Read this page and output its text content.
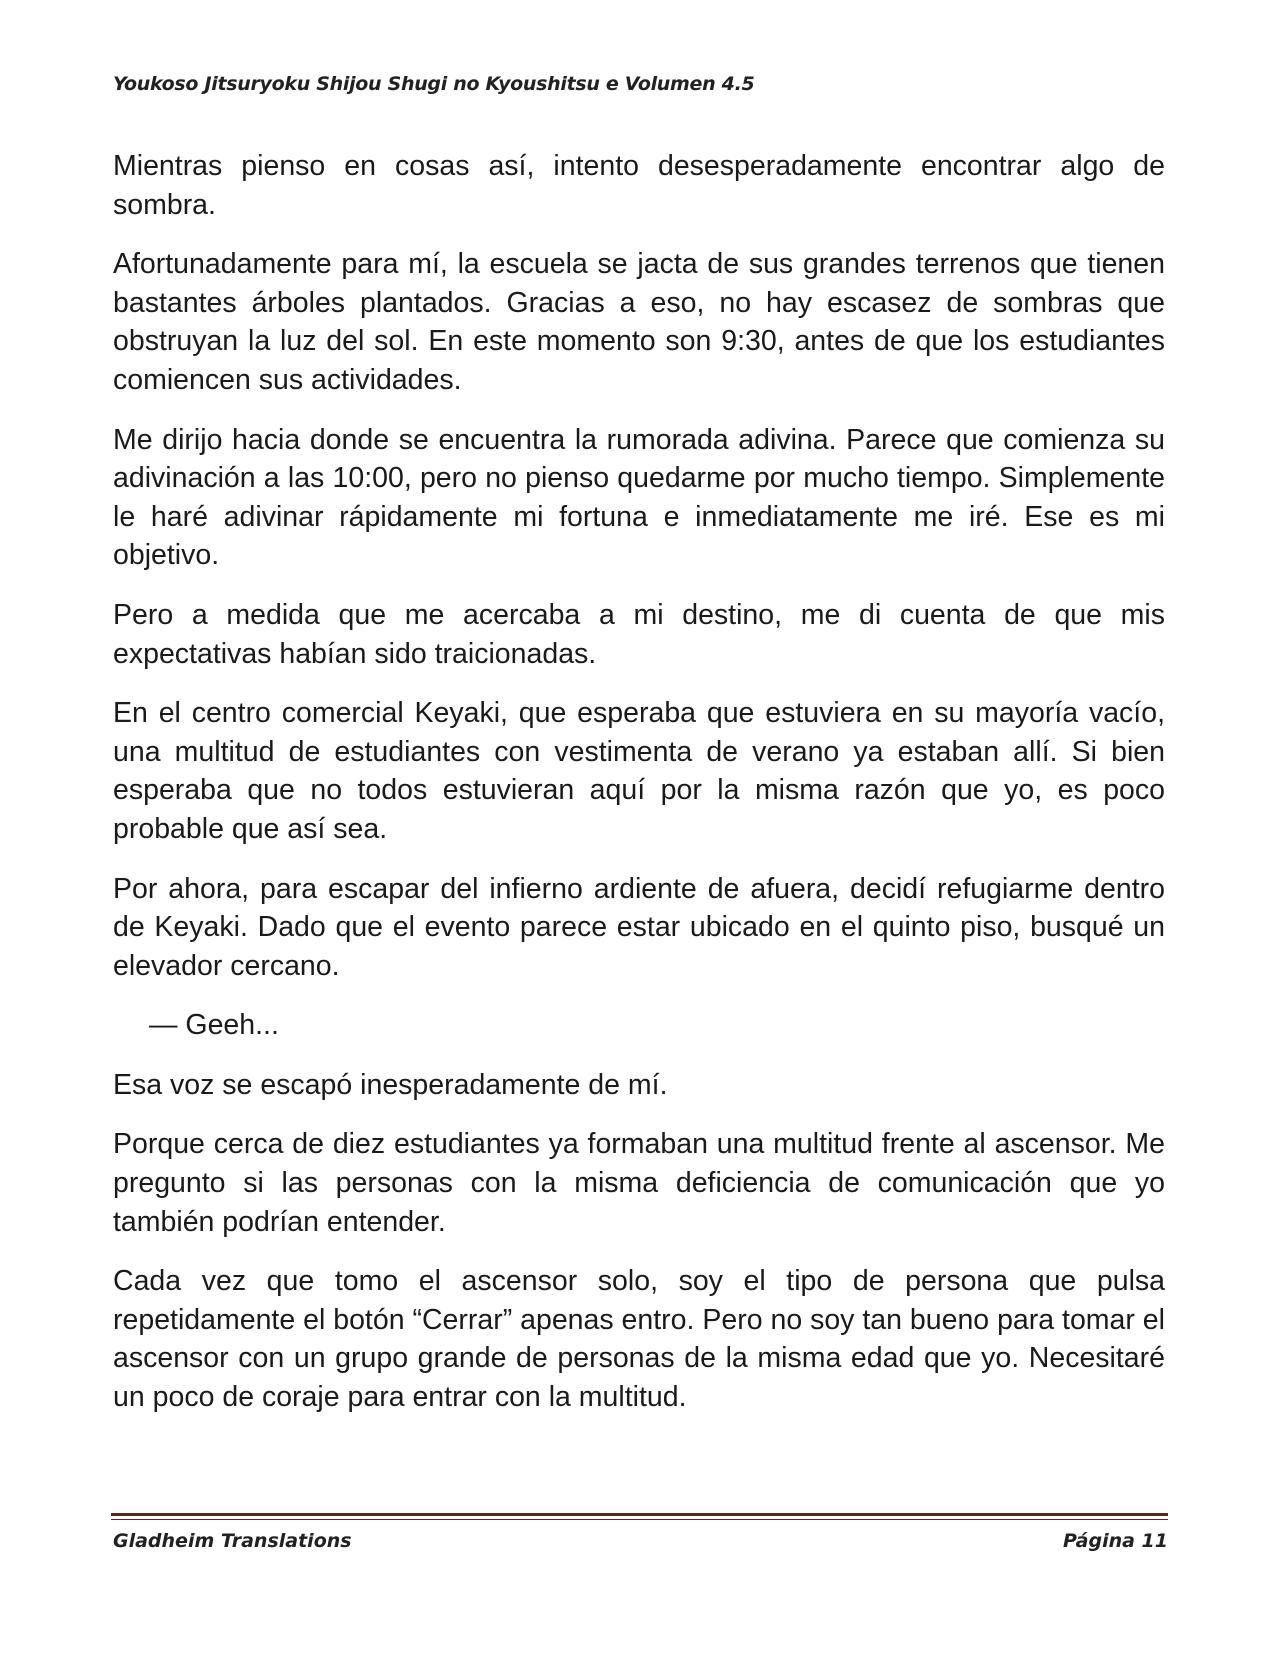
Youkoso Jitsuryoku Shijou Shugi no Kyoushitsu e Volumen 4.5

Mientras pienso en cosas así, intento desesperadamente encontrar algo de sombra.

Afortunadamente para mí, la escuela se jacta de sus grandes terrenos que tienen bastantes árboles plantados. Gracias a eso, no hay escasez de sombras que obstruyan la luz del sol. En este momento son 9:30, antes de que los estudiantes comiencen sus actividades.

Me dirijo hacia donde se encuentra la rumorada adivina. Parece que comienza su adivinación a las 10:00, pero no pienso quedarme por mucho tiempo. Simplemente le haré adivinar rápidamente mi fortuna e inmediatamente me iré. Ese es mi objetivo.

Pero a medida que me acercaba a mi destino, me di cuenta de que mis expectativas habían sido traicionadas.

En el centro comercial Keyaki, que esperaba que estuviera en su mayoría vacío, una multitud de estudiantes con vestimenta de verano ya estaban allí. Si bien esperaba que no todos estuvieran aquí por la misma razón que yo, es poco probable que así sea.

Por ahora, para escapar del infierno ardiente de afuera, decidí refugiarme dentro de Keyaki. Dado que el evento parece estar ubicado en el quinto piso, busqué un elevador cercano.

— Geeh...

Esa voz se escapó inesperadamente de mí.

Porque cerca de diez estudiantes ya formaban una multitud frente al ascensor. Me pregunto si las personas con la misma deficiencia de comunicación que yo también podrían entender.

Cada vez que tomo el ascensor solo, soy el tipo de persona que pulsa repetidamente el botón “Cerrar” apenas entro. Pero no soy tan bueno para tomar el ascensor con un grupo grande de personas de la misma edad que yo. Necesitaré un poco de coraje para entrar con la multitud.

Gladheim Translations	Página 11
